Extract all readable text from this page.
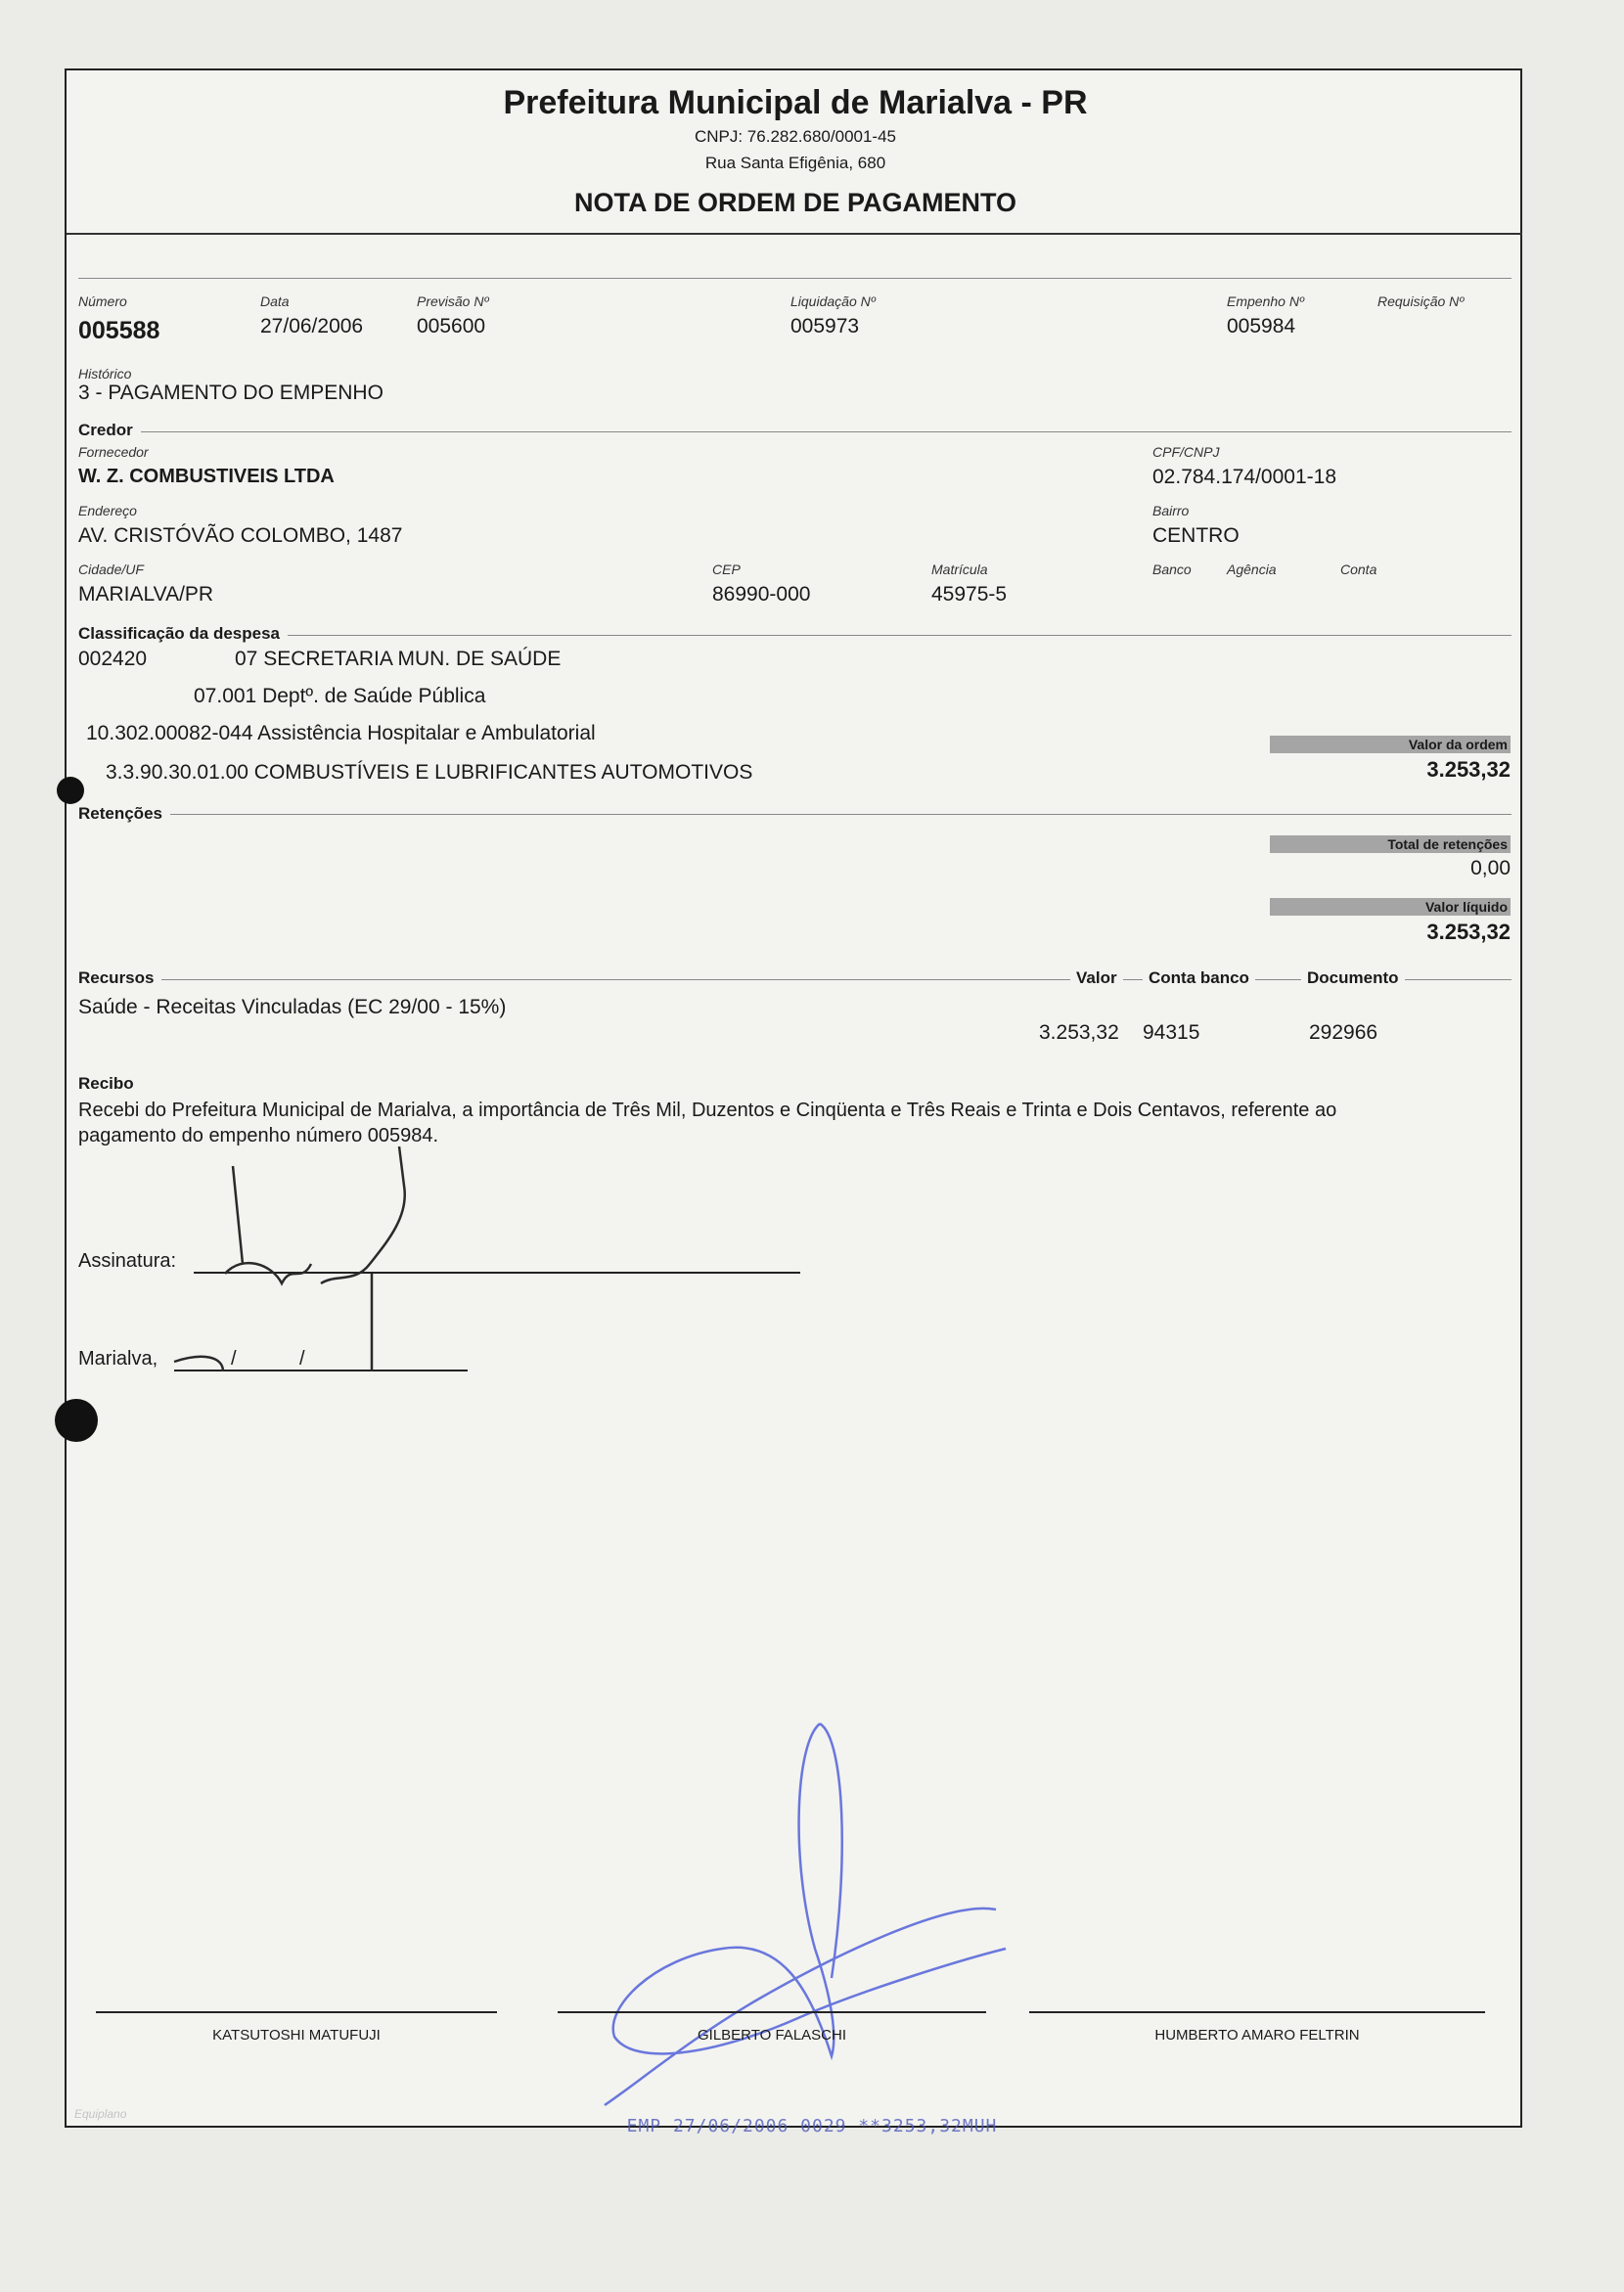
Prefeitura Municipal de Marialva - PR
CNPJ: 76.282.680/0001-45
Rua Santa Efigênia, 680
NOTA DE ORDEM DE PAGAMENTO
Número
005588
Data
27/06/2006
Previsão Nº
005600
Liquidação Nº
005973
Empenho Nº
005984
Requisição Nº
Histórico
3 - PAGAMENTO DO EMPENHO
Credor
Fornecedor
W. Z. COMBUSTIVEIS LTDA
CPF/CNPJ
02.784.174/0001-18
Endereço
AV. CRISTÓVÃO COLOMBO, 1487
Bairro
CENTRO
Cidade/UF
MARIALVA/PR
CEP
86990-000
Matrícula
45975-5
Banco	Agência	Conta
Classificação da despesa
002420	07 SECRETARIA MUN. DE SAÚDE
07.001 Deptº. de Saúde Pública
10.302.00082-044 Assistência Hospitalar e Ambulatorial
3.3.90.30.01.00 COMBUSTÍVEIS E LUBRIFICANTES AUTOMOTIVOS
Valor da ordem
3.253,32
Retenções
Total de retenções
0,00
Valor líquido
3.253,32
Recursos	Valor	Conta banco	Documento
Saúde - Receitas Vinculadas (EC 29/00 - 15%)
3.253,32 94315	292966
Recibo
Recebi do Prefeitura Municipal de Marialva, a importância de Três Mil, Duzentos e Cinqüenta e Três Reais e Trinta e Dois Centavos, referente ao
pagamento do empenho número 005984.
Assinatura:
Marialva,	/	/
KATSUTOSHI MATUFUJI	GILBERTO FALASCHI	HUMBERTO AMARO FELTRIN
Equiplano
EMP 27/06/2006 0029 **3253,32MUH
